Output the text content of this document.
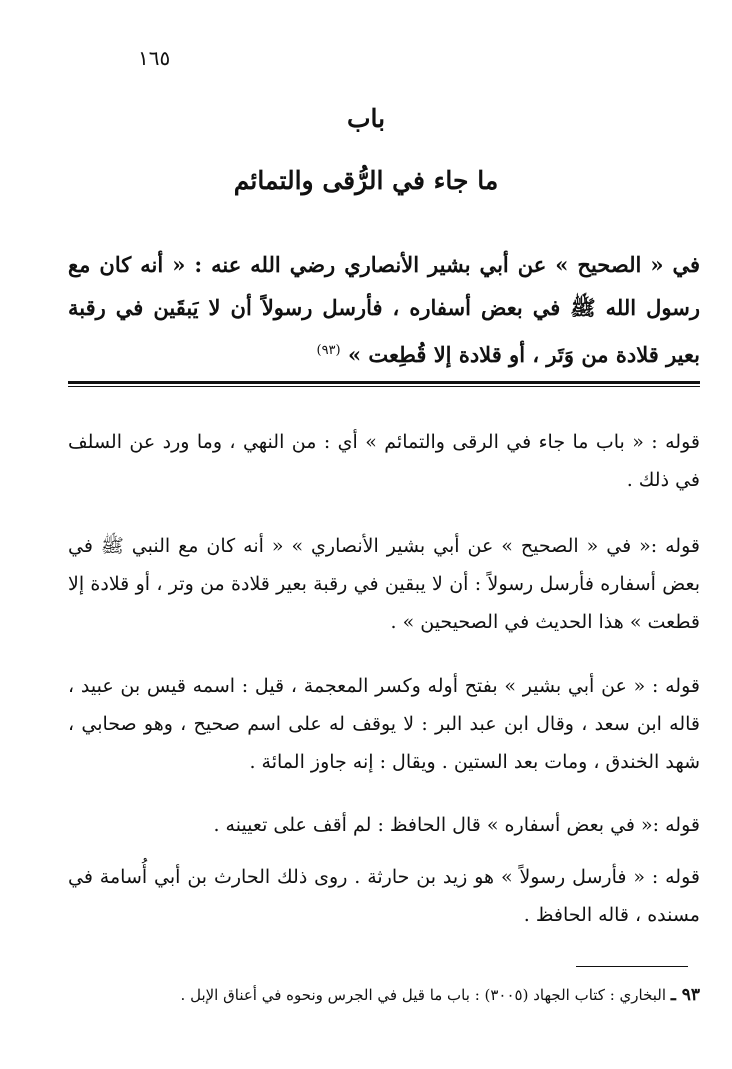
١٦٥
باب
ما جاء في الرُّقى والتمائم
في « الصحيح » عن أبي بشير الأنصاري رضي الله عنه : « أنه كان مع رسول الله ﷺ في بعض أسفاره ، فأرسل رسولاً أن لا يَبقَين في رقبة بعير قلادة من وَتَر ، أو قلادة إلا قُطِعت » $^{(٩٣)}$
قوله : « باب ما جاء في الرقى والتمائم » أي : من النهي ، وما ورد عن السلف في ذلك .
قوله :« في « الصحيح » عن أبي بشير الأنصاري » « أنه كان مع النبي ﷺ في بعض أسفاره فأرسل رسولاً : أن لا يبقين في رقبة بعير قلادة من وتر ، أو قلادة إلا قطعت » هذا الحديث في الصحيحين » .
قوله : « عن أبي بشير » بفتح أوله وكسر المعجمة ، قيل : اسمه قيس بن عبيد ، قاله ابن سعد ، وقال ابن عبد البر : لا يوقف له على اسم صحيح ، وهو صحابي ، شهد الخندق ، ومات بعد الستين . ويقال : إنه جاوز المائة .
قوله :« في بعض أسفاره » قال الحافظ : لم أقف على تعيينه .
قوله : « فأرسل رسولاً » هو زيد بن حارثة . روى ذلك الحارث بن أبي أُسامة في مسنده ، قاله الحافظ .
٩٣ ـ البخاري : كتاب الجهاد (٣٠٠٥) : باب ما قيل في الجرس ونحوه في أعناق الإبل .
